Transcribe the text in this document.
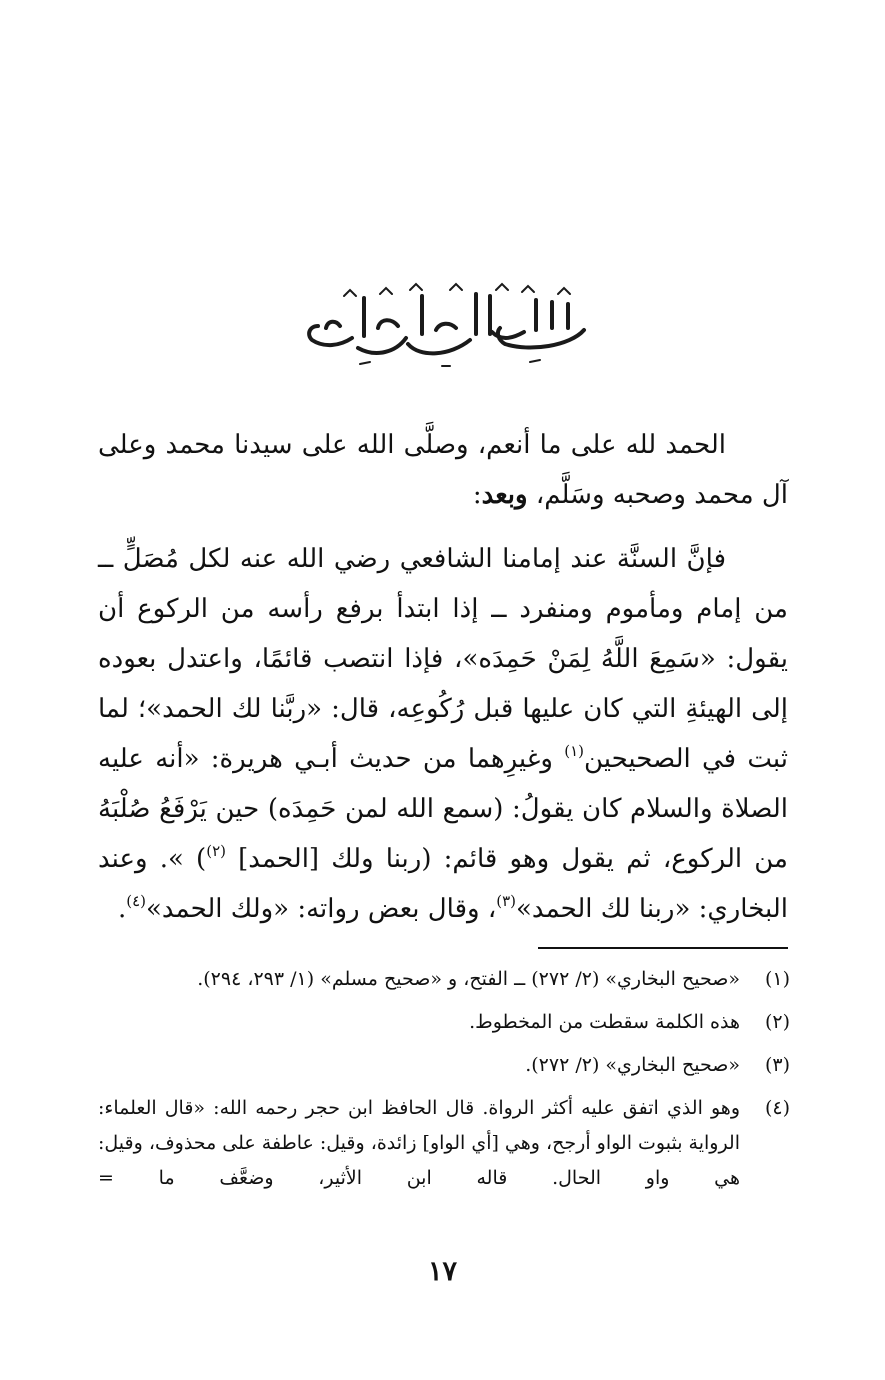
الحمد لله على ما أنعم، وصلَّى الله على سيدنا محمد وعلى آل محمد وصحبه وسَلَّم، وبعد:

فإنَّ السنَّة عند إمامنا الشافعي رضي الله عنه لكل مُصَلٍّ ــ من إمام ومأموم ومنفرد ــ إذا ابتدأ برفع رأسه من الركوع أن يقول: «سَمِعَ اللَّهُ لِمَنْ حَمِدَه»، فإذا انتصب قائمًا، واعتدل بعوده إلى الهيئةِ التي كان عليها قبل رُكُوعِه، قال: «ربَّنا لك الحمد»؛ لما ثبت في الصحيحين$^{(١)}$ وغيرِهما من حديث أبـي هريرة: «أنه عليه الصلاة والسلام كان يقولُ: (سمع الله لمن حَمِدَه) حين يَرْفَعُ صُلْبَهُ من الركوع، ثم يقول وهو قائم: (ربنا ولك [الحمد] $^{(٢)}$) ». وعند البخاري: «ربنا لك الحمد»$^{(٣)}$، وقال بعض رواته: «ولك الحمد»$^{(٤)}$.

(١)
«صحيح البخاري» (٢/ ٢٧٢) ــ الفتح، و «صحيح مسلم» (١/ ٢٩٣، ٢٩٤).
(٢)
هذه الكلمة سقطت من المخطوط.
(٣)
«صحيح البخاري» (٢/ ٢٧٢).
(٤)
وهو الذي اتفق عليه أكثر الرواة. قال الحافظ ابن حجر رحمه الله: «قال العلماء: الرواية بثبوت الواو أرجح، وهي [أي الواو] زائدة، وقيل: عاطفة على محذوف، وقيل: هي واو الحال. قاله ابن الأثير، وضعَّف ما =
١٧
